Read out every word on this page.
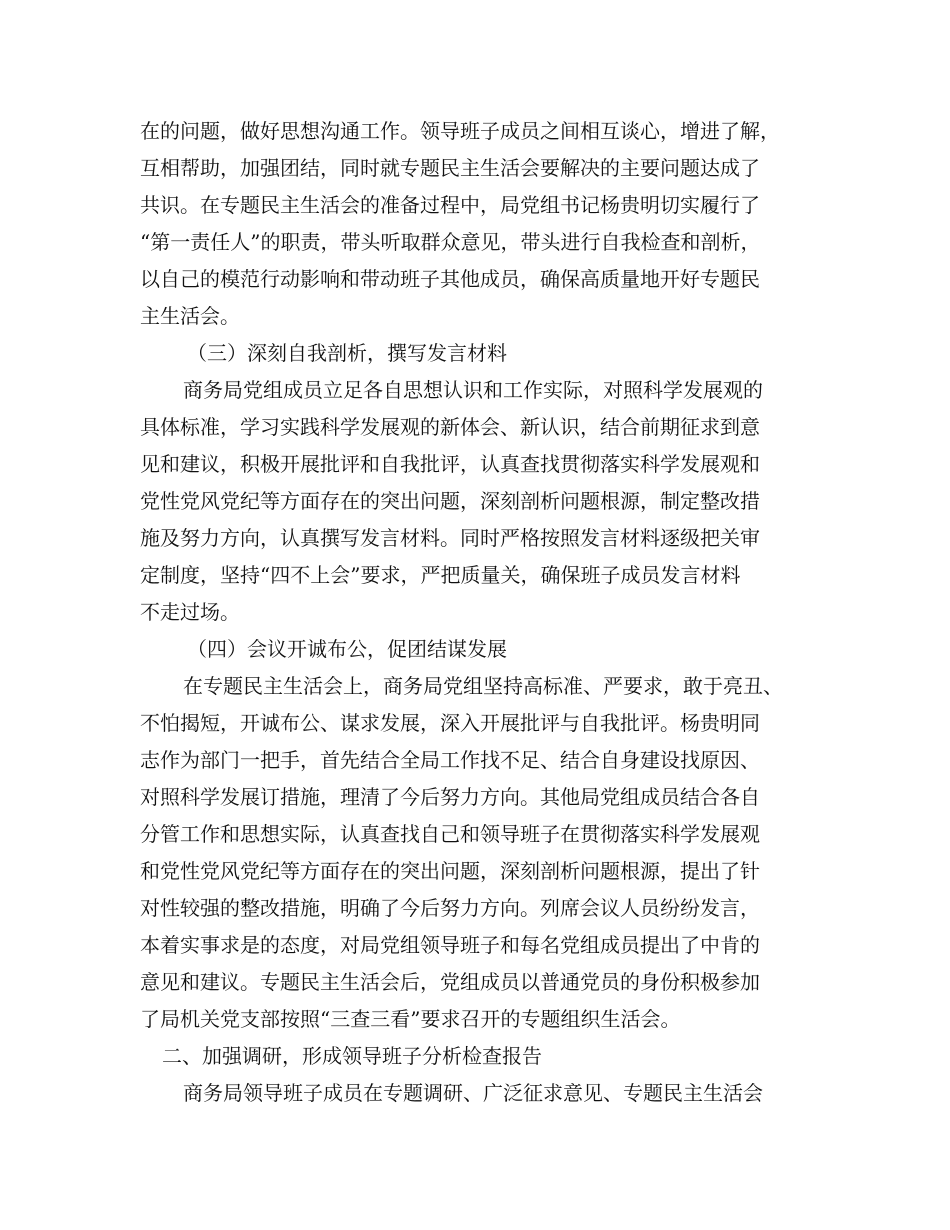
在的问题，做好思想沟通工作。领导班子成员之间相互谈心，增进了解，
互相帮助，加强团结，同时就专题民主生活会要解决的主要问题达成了
共识。在专题民主生活会的准备过程中，局党组书记杨贵明切实履行了
“第一责任人”的职责，带头听取群众意见，带头进行自我检查和剖析，
以自己的模范行动影响和带动班子其他成员，确保高质量地开好专题民
主生活会。
（三）深刻自我剖析，撰写发言材料
商务局党组成员立足各自思想认识和工作实际，对照科学发展观的
具体标准，学习实践科学发展观的新体会、新认识，结合前期征求到意
见和建议，积极开展批评和自我批评，认真查找贯彻落实科学发展观和
党性党风党纪等方面存在的突出问题，深刻剖析问题根源，制定整改措
施及努力方向，认真撰写发言材料。同时严格按照发言材料逐级把关审
定制度，坚持“四不上会”要求，严把质量关，确保班子成员发言材料
不走过场。
（四）会议开诚布公，促团结谋发展
在专题民主生活会上，商务局党组坚持高标准、严要求，敢于亮丑、
不怕揭短，开诚布公、谋求发展，深入开展批评与自我批评。杨贵明同
志作为部门一把手，首先结合全局工作找不足、结合自身建设找原因、
对照科学发展订措施，理清了今后努力方向。其他局党组成员结合各自
分管工作和思想实际，认真查找自己和领导班子在贯彻落实科学发展观
和党性党风党纪等方面存在的突出问题，深刻剖析问题根源，提出了针
对性较强的整改措施，明确了今后努力方向。列席会议人员纷纷发言，
本着实事求是的态度，对局党组领导班子和每名党组成员提出了中肯的
意见和建议。专题民主生活会后，党组成员以普通党员的身份积极参加
了局机关党支部按照“三查三看”要求召开的专题组织生活会。
二、加强调研，形成领导班子分析检查报告
商务局领导班子成员在专题调研、广泛征求意见、专题民主生活会
